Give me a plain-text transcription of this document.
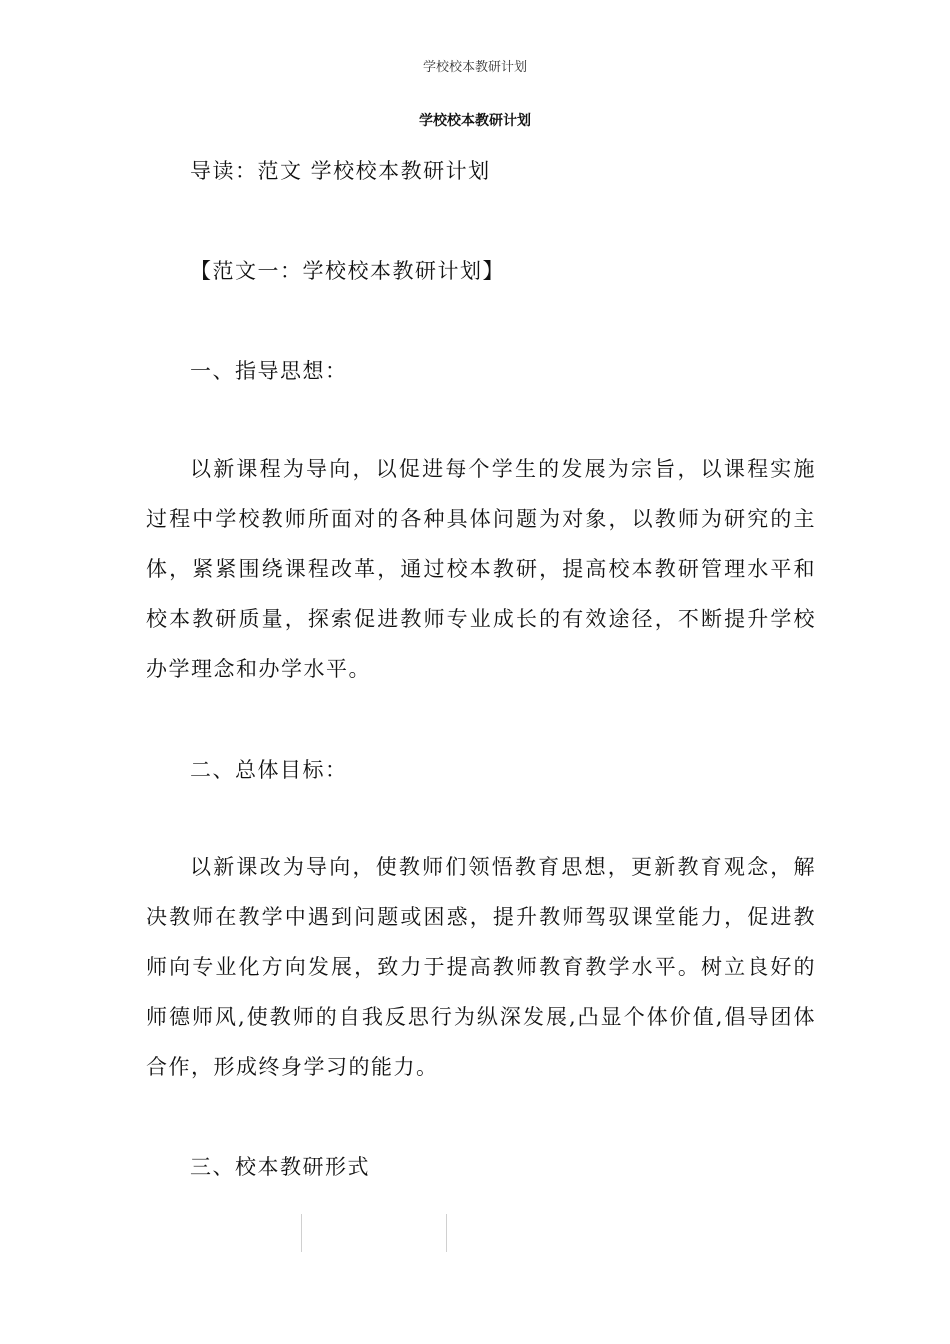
学校校本教研计划
学校校本教研计划
导读：范文 学校校本教研计划
【范文一：学校校本教研计划】
一、指导思想：

以新课程为导向，以促进每个学生的发展为宗旨，以课程实施过程中学校教师所面对的各种具体问题为对象，以教师为研究的主体，紧紧围绕课程改革，通过校本教研，提高校本教研管理水平和校本教研质量，探索促进教师专业成长的有效途径，不断提升学校办学理念和办学水平。

二、总体目标：

以新课改为导向，使教师们领悟教育思想，更新教育观念，解决教师在教学中遇到问题或困惑，提升教师驾驭课堂能力，促进教师向专业化方向发展，致力于提高教师教育教学水平。树立良好的师德师风,使教师的自我反思行为纵深发展,凸显个体价值,倡导团体合作，形成终身学习的能力。

三、校本教研形式
